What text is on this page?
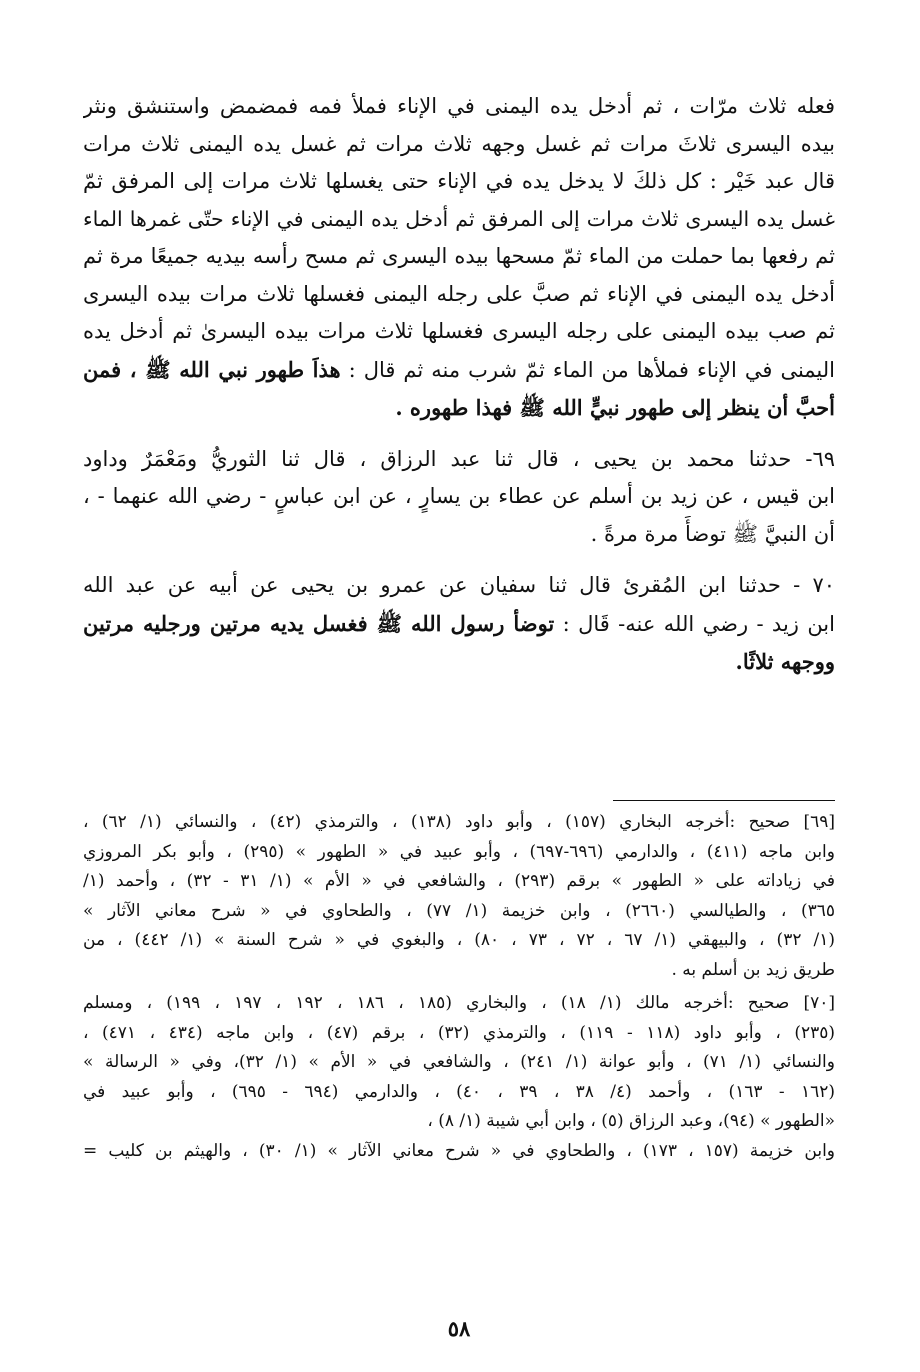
فعله ثلاث مرّات ، ثم أدخل يده اليمنى في الإناء فملأ فمه فمضمض واستنشق ونثر
بيده اليسرى ثلاثَ مرات ثم غسل وجهه ثلاث مرات ثم غسل يده اليمنى ثلاث مرات
قال عبد خَيْر : كل ذلكَ لا يدخل يده في الإناء حتى يغسلها ثلاث مرات إلى المرفق ثمّ
غسل يده اليسرى ثلاث مرات إلى المرفق ثم أدخل يده اليمنى في الإناء حتّى غمرها الماء
ثم رفعها بما حملت من الماء ثمّ مسحها بيده اليسرى ثم مسح رأسه بيديه جميعًا مرة ثم
أدخل يده اليمنى في الإناء ثم صبَّ على رجله اليمنى فغسلها ثلاث مرات بيده اليسرى
ثم صب بيده اليمنى على رجله اليسرى فغسلها ثلاث مرات بيده اليسرىٰ ثم أدخل يده
اليمنى في الإناء فملأها من الماء ثمّ شرب منه ثم قال : هذاَ طهور نبي الله ﷺ ، فمن
أحبَّ أن ينظر إلى طهور نبيٍّ الله ﷺ فهذا طهوره .

٦٩- حدثنا محمد بن يحيى ، قال ثنا عبد الرزاق ، قال ثنا الثوريُّ ومَعْمَرٌ وداود
ابن قيس ، عن زيد بن أسلم عن عطاء بن يسارٍ ، عن ابن عباسٍ - رضي الله عنهما - ،
أن النبيَّ ﷺ توضأً مرة مرةً .

٧٠ - حدثنا ابن المُقرئ قال ثنا سفيان عن عمرو بن يحيى عن أبيه عن عبد الله
ابن زيد - رضي الله عنه- قَال : توضأ رسول الله ﷺ فغسل يديه مرتين ورجليه مرتين
ووجهه ثلاثًا.

[٦٩] صحيح :أخرجه البخاري (١٥٧) ، وأبو داود (١٣٨) ، والترمذي (٤٢) ، والنسائي (١/ ٦٢) ،
وابن ماجه (٤١١) ، والدارمي (٦٩٦-٦٩٧) ، وأبو عبيد في « الطهور » (٢٩٥) ، وأبو بكر المروزي
في زياداته على « الطهور » برقم (٢٩٣) ، والشافعي في « الأم » (١/ ٣١ - ٣٢) ، وأحمد (١/
٣٦٥) ، والطيالسي (٢٦٦٠) ، وابن خزيمة (١/ ٧٧) ، والطحاوي في « شرح معاني الآثار »
(١/ ٣٢) ، والبيهقي (١/ ٦٧ ، ٧٢ ، ٧٣ ، ٨٠) ، والبغوي في « شرح السنة » (١/ ٤٤٢) ، من
طريق زيد بن أسلم به .
[٧٠] صحيح :أخرجه مالك (١/ ١٨) ، والبخاري (١٨٥ ، ١٨٦ ، ١٩٢ ، ١٩٧ ، ١٩٩) ، ومسلم
(٢٣٥) ، وأبو داود (١١٨ - ١١٩) ، والترمذي (٣٢) ، برقم (٤٧) ، وابن ماجه (٤٣٤ ، ٤٧١) ،
والنسائي (١/ ٧١) ، وأبو عوانة (١/ ٢٤١) ، والشافعي في « الأم » (١/ ٣٢)، وفي « الرسالة »
(١٦٢ - ١٦٣) ، وأحمد (٤/ ٣٨ ، ٣٩ ، ٤٠) ، والدارمي (٦٩٤ - ٦٩٥) ، وأبو عبيد في
«الطهور » (٩٤)، وعبد الرزاق (٥) ، وابن أبي شيبة (١/ ٨) ،
وابن خزيمة (١٥٧ ، ١٧٣) ، والطحاوي في « شرح معاني الآثار » (١/ ٣٠) ، والهيثم بن كليب =
٥٨
